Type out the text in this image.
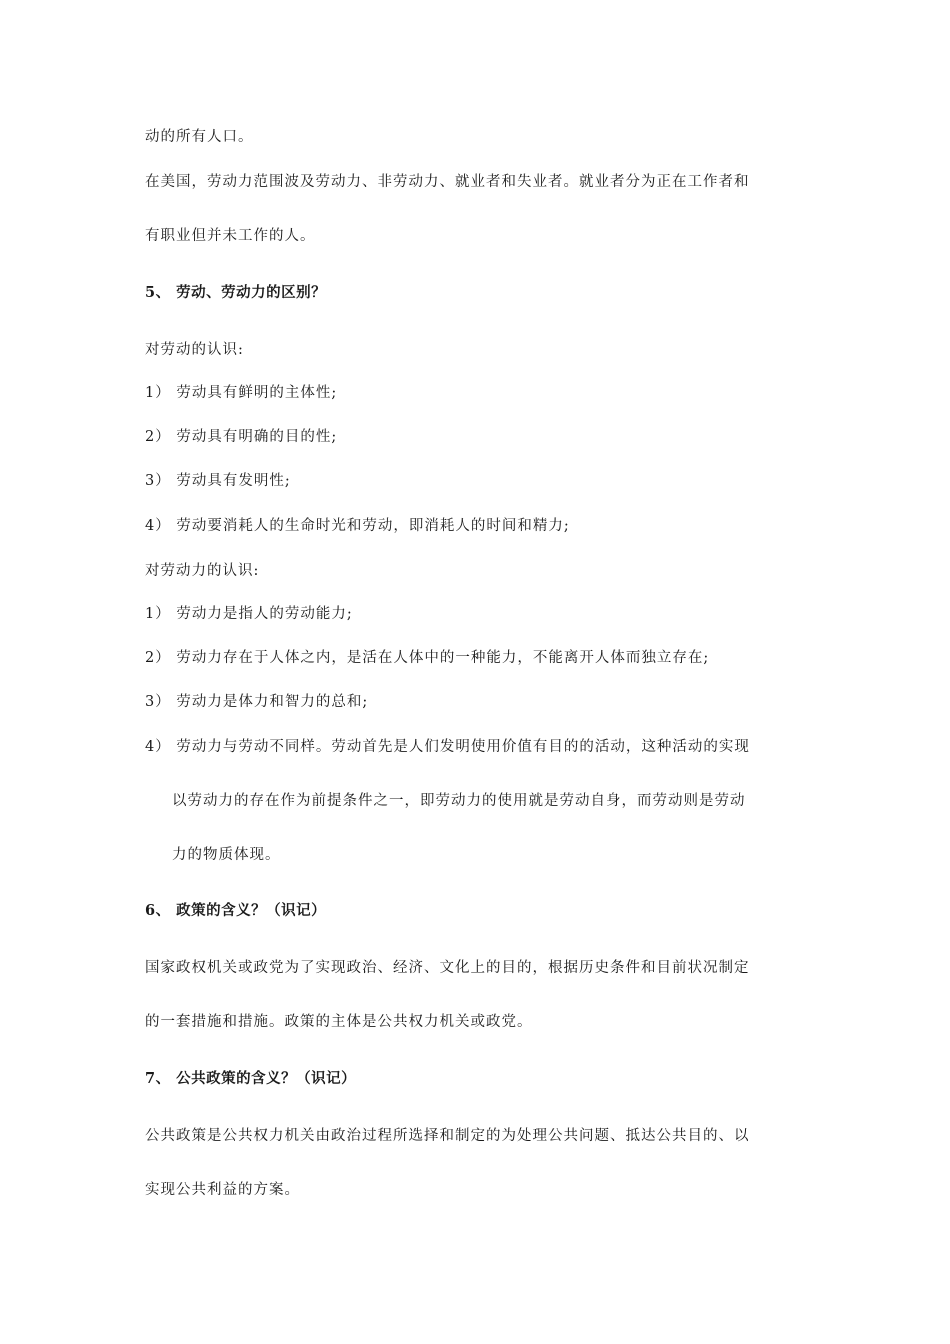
动的所有人口。
在美国，劳动力范围波及劳动力、非劳动力、就业者和失业者。就业者分为正在工作者和
有职业但并未工作的人。
5、 劳动、劳动力的区别？
对劳动的认识:
1） 劳动具有鲜明的主体性;
2） 劳动具有明确的目的性;
3） 劳动具有发明性;
4） 劳动要消耗人的生命时光和劳动，即消耗人的时间和精力;
对劳动力的认识:
1） 劳动力是指人的劳动能力;
2） 劳动力存在于人体之内，是活在人体中的一种能力，不能离开人体而独立存在;
3） 劳动力是体力和智力的总和;
4） 劳动力与劳动不同样。劳动首先是人们发明使用价值有目的的活动，这种活动的实现
以劳动力的存在作为前提条件之一，即劳动力的使用就是劳动自身，而劳动则是劳动
力的物质体现。
6、 政策的含义？（识记）
国家政权机关或政党为了实现政治、经济、文化上的目的，根据历史条件和目前状况制定
的一套措施和措施。政策的主体是公共权力机关或政党。
7、 公共政策的含义？（识记）
公共政策是公共权力机关由政治过程所选择和制定的为处理公共问题、抵达公共目的、以
实现公共利益的方案。
